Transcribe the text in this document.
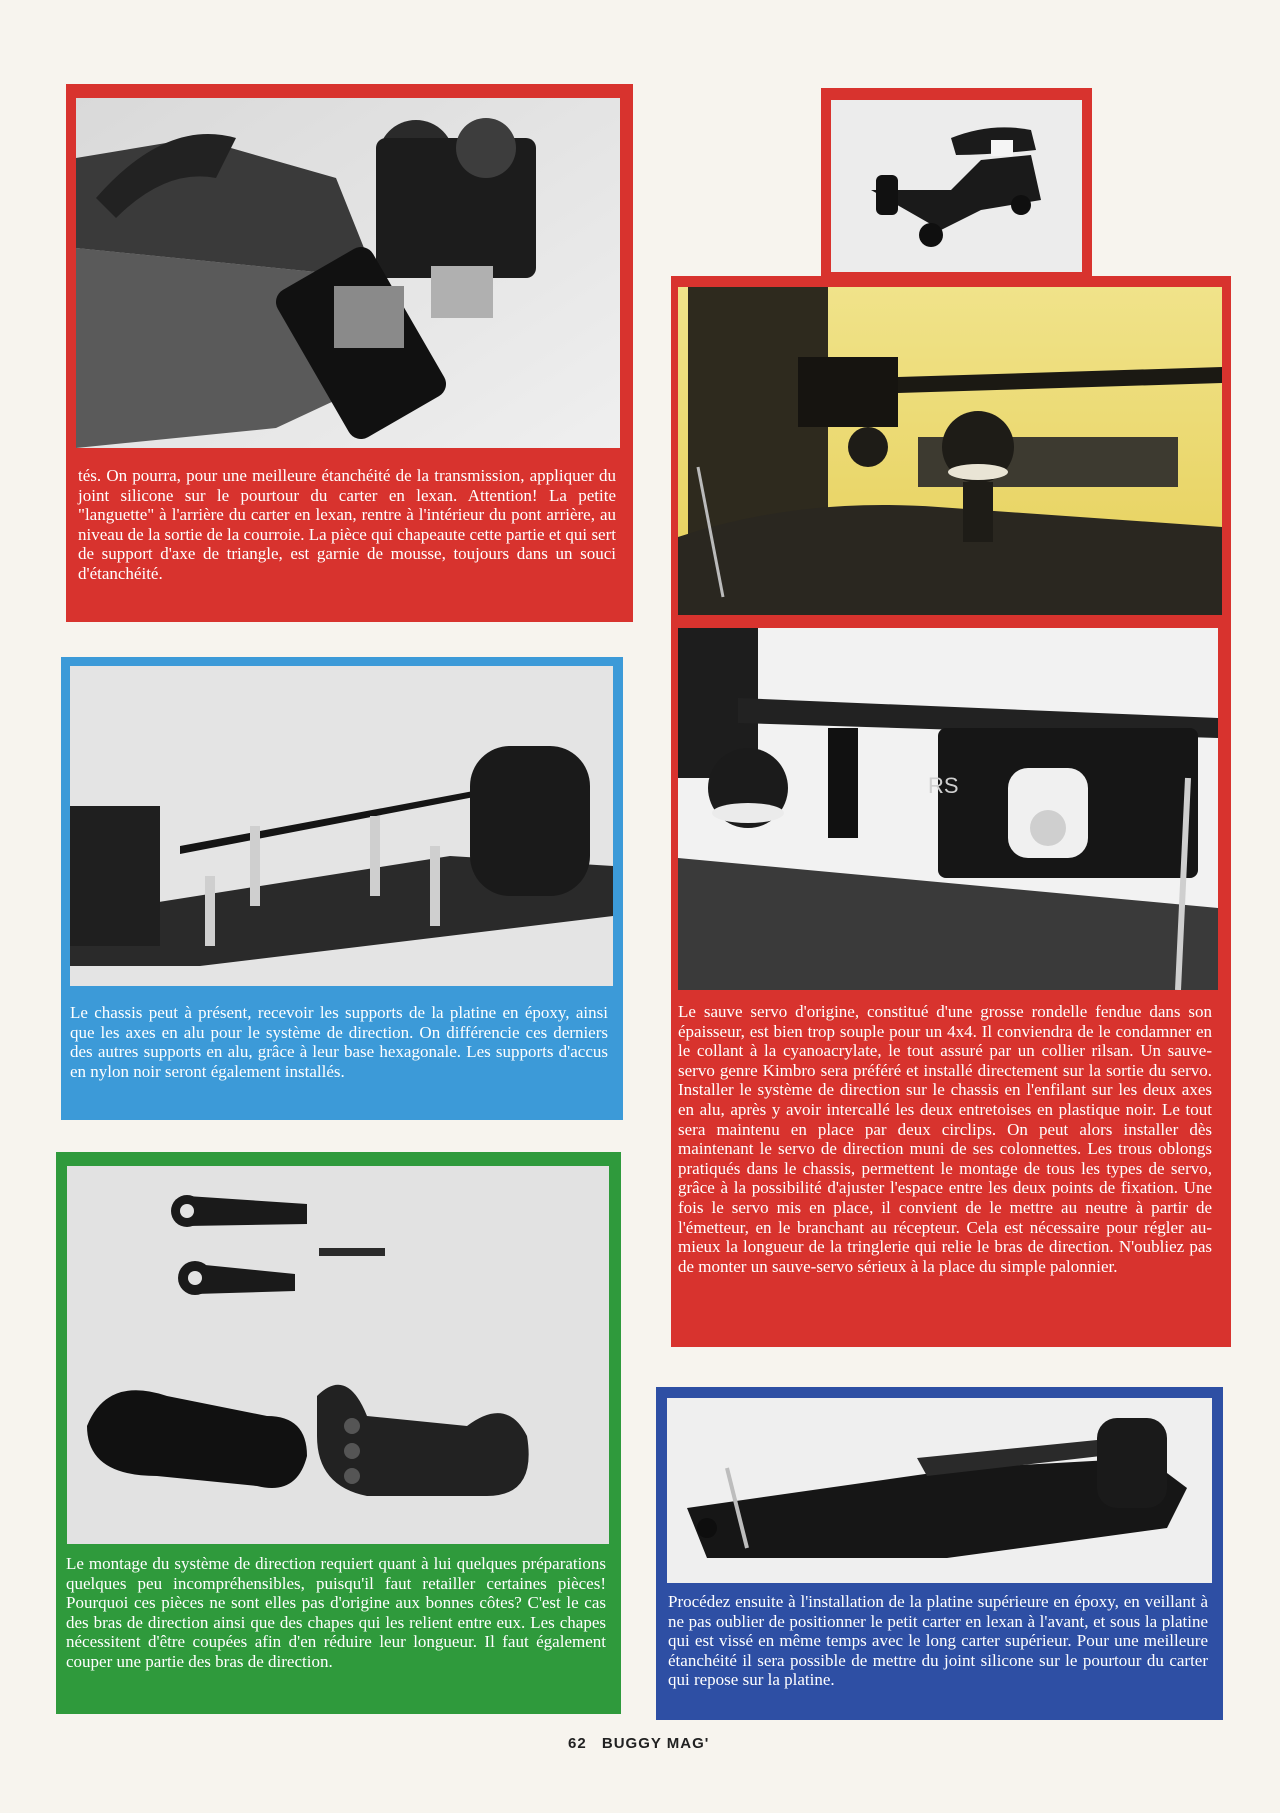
tés. On pourra, pour une meilleure étanchéité de la transmission, appliquer du joint silicone sur le pourtour du carter en lexan. Attention! La petite "languette" à l'arrière du carter en lexan, rentre à l'intérieur du pont arrière, au niveau de la sortie de la courroie. La pièce qui chapeaute cette partie et qui sert de support d'axe de triangle, est garnie de mousse, toujours dans un souci d'étanchéité.

RS

Le sauve servo d'origine, constitué d'une grosse rondelle fendue dans son épaisseur, est bien trop souple pour un 4x4. Il conviendra de le condamner en le collant à la cyanoacrylate, le tout assuré par un collier rilsan. Un sauve-servo genre Kimbro sera préféré et installé directement sur la sortie du servo. Installer le système de direction sur le chassis en l'enfilant sur les deux axes en alu, après y avoir intercallé les deux entretoises en plastique noir. Le tout sera maintenu en place par deux circlips. On peut alors installer dès maintenant le servo de direction muni de ses colonnettes. Les trous oblongs pratiqués dans le chassis, permettent le montage de tous les types de servo, grâce à la possibilité d'ajuster l'espace entre les deux points de fixation. Une fois le servo mis en place, il convient de le mettre au neutre à partir de l'émetteur, en le branchant au récepteur. Cela est nécessaire pour régler au-mieux la longueur de la tringlerie qui relie le bras de direction. N'oubliez pas de monter un sauve-servo sérieux à la place du simple palonnier.

Le chassis peut à présent, recevoir les supports de la platine en époxy, ainsi que les axes en alu pour le système de direction. On différencie ces derniers des autres supports en alu, grâce à leur base hexagonale. Les supports d'accus en nylon noir seront également installés.

Le montage du système de direction requiert quant à lui quelques préparations quelques peu incompréhensibles, puisqu'il faut retailler certaines pièces! Pourquoi ces pièces ne sont elles pas d'origine aux bonnes côtes? C'est le cas des bras de direction ainsi que des chapes qui les relient entre eux. Les chapes nécessitent d'être coupées afin d'en réduire leur longueur. Il faut également couper une partie des bras de direction.

Procédez ensuite à l'installation de la platine supérieure en époxy, en veillant à ne pas oublier de positionner le petit carter en lexan à l'avant, et sous la platine qui est vissé en même temps avec le long carter supérieur. Pour une meilleure étanchéité il sera possible de mettre du joint silicone sur le pourtour du carter qui repose sur la platine.

62 BUGGY MAG'
